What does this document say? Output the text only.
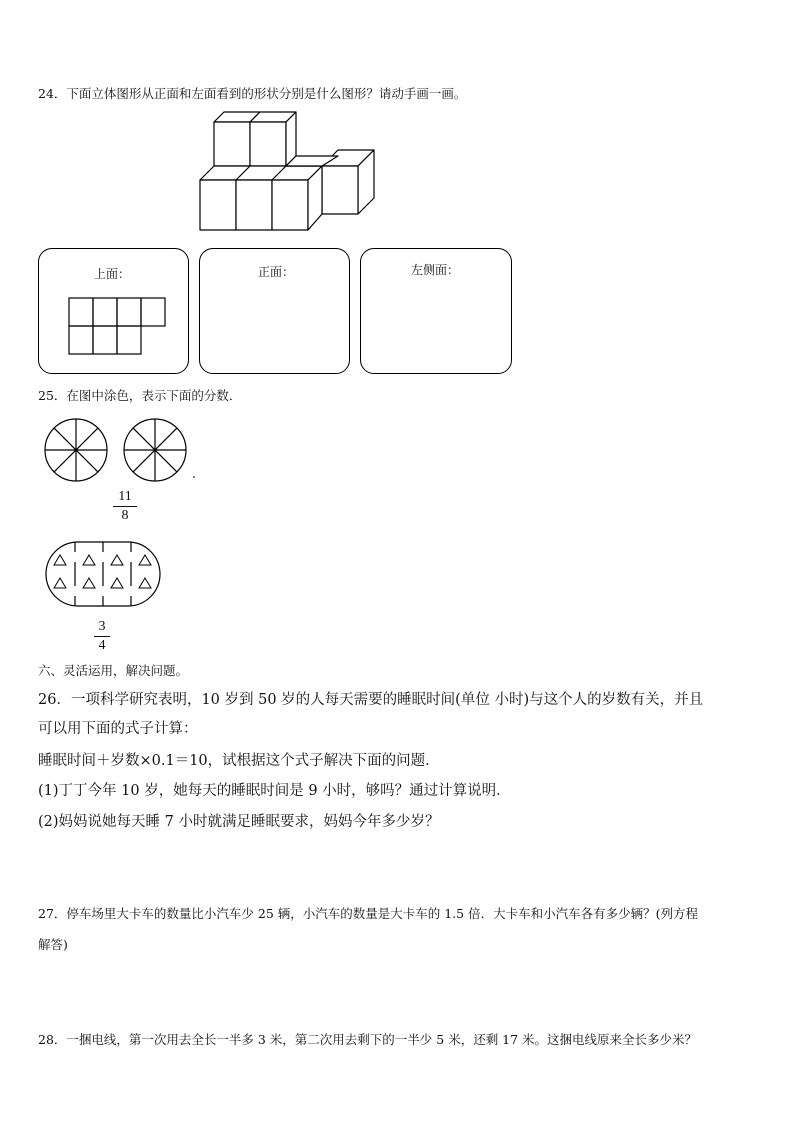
24．下面立体图形从正面和左面看到的形状分别是什么图形？请动手画一画。
上面：	正面：	左侧面：
25．在图中涂色，表示下面的分数．
11
8
3
4
六、灵活运用，解决问题。
26．一项科学研究表明，10 岁到 50 岁的人每天需要的睡眠时间(单位 小时)与这个人的岁数有关，并且
可以用下面的式子计算：
睡眠时间＋岁数×0.1＝10，试根据这个式子解决下面的问题．
(1)丁丁今年 10 岁，她每天的睡眠时间是 9 小时，够吗？通过计算说明．
(2)妈妈说她每天睡 7 小时就满足睡眠要求，妈妈今年多少岁？
27．停车场里大卡车的数量比小汽车少 25 辆，小汽车的数量是大卡车的 1.5 倍．大卡车和小汽车各有多少辆？(列方程
解答)
28．一捆电线，第一次用去全长一半多 3 米，第二次用去剩下的一半少 5 米，还剩 17 米。这捆电线原来全长多少米？
